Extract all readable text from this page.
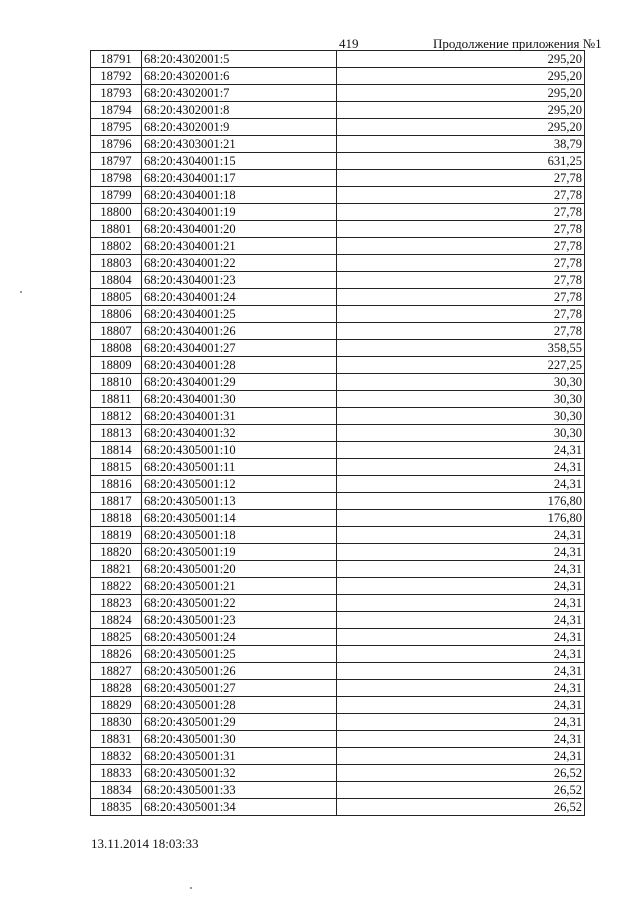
419	Продолжение приложения №1
18791	68:20:4302001:5	295,20
18792	68:20:4302001:6	295,20
18793	68:20:4302001:7	295,20
18794	68:20:4302001:8	295,20
18795	68:20:4302001:9	295,20
18796	68:20:4303001:21	38,79
18797	68:20:4304001:15	631,25
18798	68:20:4304001:17	27,78
18799	68:20:4304001:18	27,78
18800	68:20:4304001:19	27,78
18801	68:20:4304001:20	27,78
18802	68:20:4304001:21	27,78
18803	68:20:4304001:22	27,78
18804	68:20:4304001:23	27,78
18805	68:20:4304001:24	27,78
18806	68:20:4304001:25	27,78
18807	68:20:4304001:26	27,78
18808	68:20:4304001:27	358,55
18809	68:20:4304001:28	227,25
18810	68:20:4304001:29	30,30
18811	68:20:4304001:30	30,30
18812	68:20:4304001:31	30,30
18813	68:20:4304001:32	30,30
18814	68:20:4305001:10	24,31
18815	68:20:4305001:11	24,31
18816	68:20:4305001:12	24,31
18817	68:20:4305001:13	176,80
18818	68:20:4305001:14	176,80
18819	68:20:4305001:18	24,31
18820	68:20:4305001:19	24,31
18821	68:20:4305001:20	24,31
18822	68:20:4305001:21	24,31
18823	68:20:4305001:22	24,31
18824	68:20:4305001:23	24,31
18825	68:20:4305001:24	24,31
18826	68:20:4305001:25	24,31
18827	68:20:4305001:26	24,31
18828	68:20:4305001:27	24,31
18829	68:20:4305001:28	24,31
18830	68:20:4305001:29	24,31
18831	68:20:4305001:30	24,31
18832	68:20:4305001:31	24,31
18833	68:20:4305001:32	26,52
18834	68:20:4305001:33	26,52
18835	68:20:4305001:34	26,52
13.11.2014 18:03:33
